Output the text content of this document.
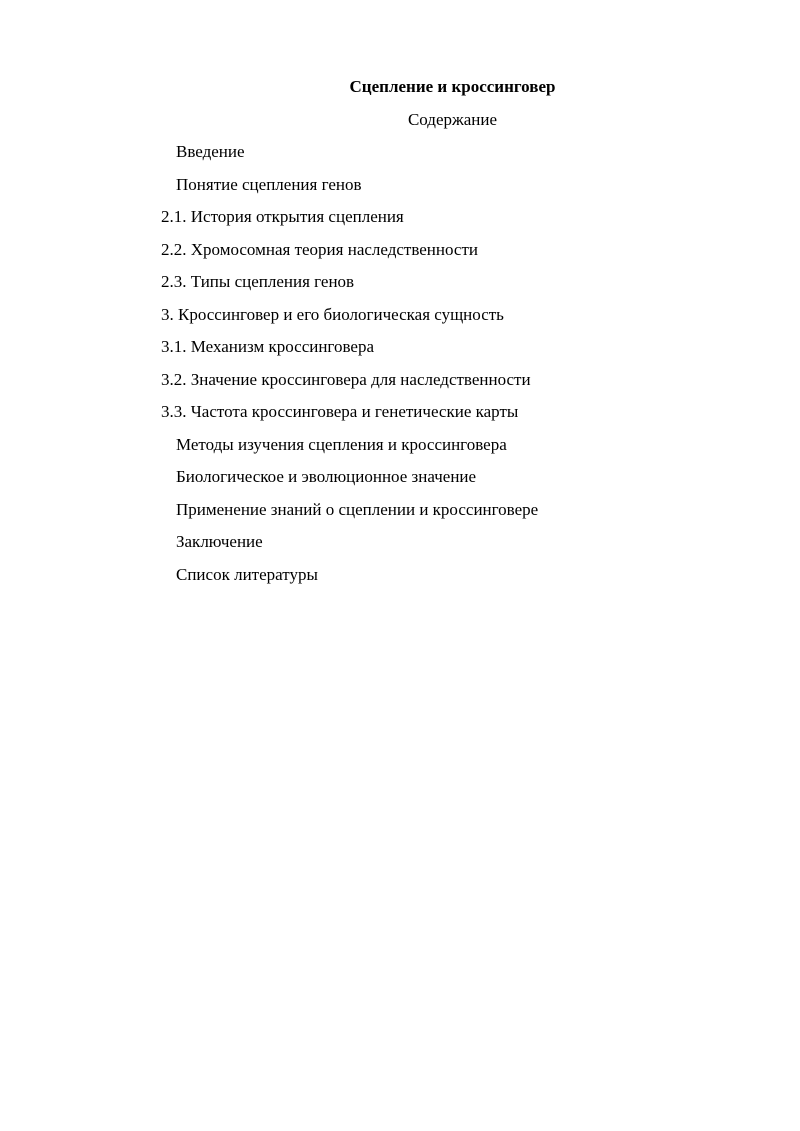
Сцепление и кроссинговер

Содержание

Введение
Понятие сцепления генов
2.1. История открытия сцепления
2.2. Хромосомная теория наследственности
2.3. Типы сцепления генов
3. Кроссинговер и его биологическая сущность
3.1. Механизм кроссинговера
3.2. Значение кроссинговера для наследственности
3.3. Частота кроссинговера и генетические карты
Методы изучения сцепления и кроссинговера
Биологическое и эволюционное значение
Применение знаний о сцеплении и кроссинговере
Заключение
Список литературы
